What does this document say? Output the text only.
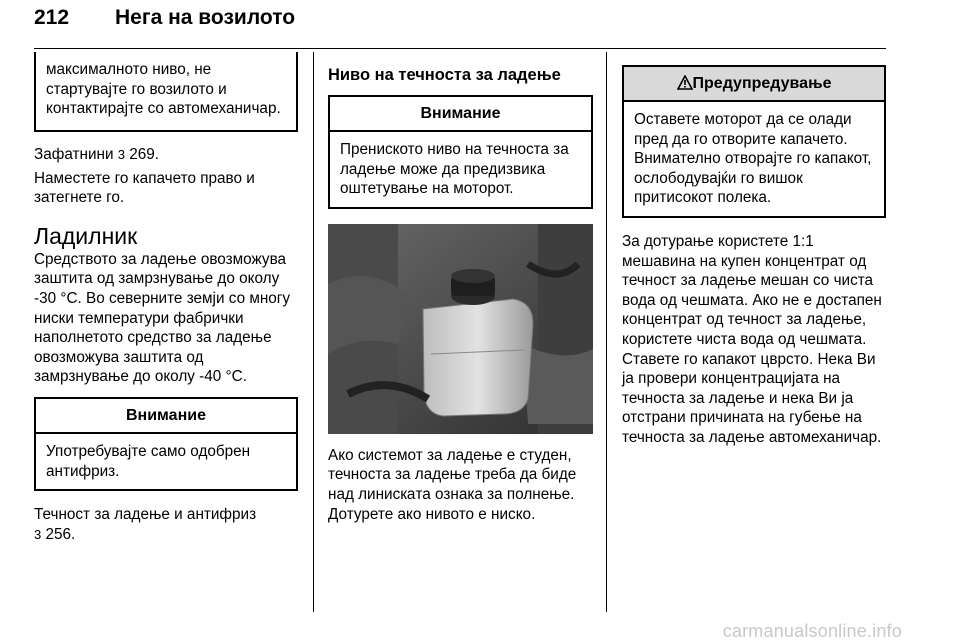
212 Нега на возилото

максималното ниво, не стартувајте го возилото и контактирајте со автомеханичар.

Зафатнини 3 269.

Наместете го капачето право и затегнете го.

Ладилник

Средството за ладење овозможува заштита од замрзнување до околу -30 °C. Во северните земји со многу ниски температури фабрички наполнетото средство за ладење овозможува заштита од замрзнување до околу -40 °C.

Внимание
Употребувајте само одобрен антифриз.

Течност за ладење и антифриз
3 256.

Ниво на течноста за ладење
Внимание
Прениското ниво на течноста за ладење може да предизвика оштетување на моторот.

Ако системот за ладење е студен, течноста за ладење треба да биде над линискaта ознака за полнење. Дотурете ако нивото е ниско.

Предупредување
Оставете моторот да се олади пред да го отворите капачето. Внимателно отворајте го капакот, ослободувајќи го вишок притисокот полека.

За дотурање користете 1:1 мешавина на купен концентрат од течност за ладење мешан со чиста вода од чешмата. Ако не е достапен концентрат од течност за ладење, користете чиста вода од чешмата. Ставете го капакот цврсто. Нека Ви ја провери концентрацијата на течноста за ладење и нека Ви ја отстрани причината на губење на течноста за ладење автомеханичар.

carmanualsonline.info
